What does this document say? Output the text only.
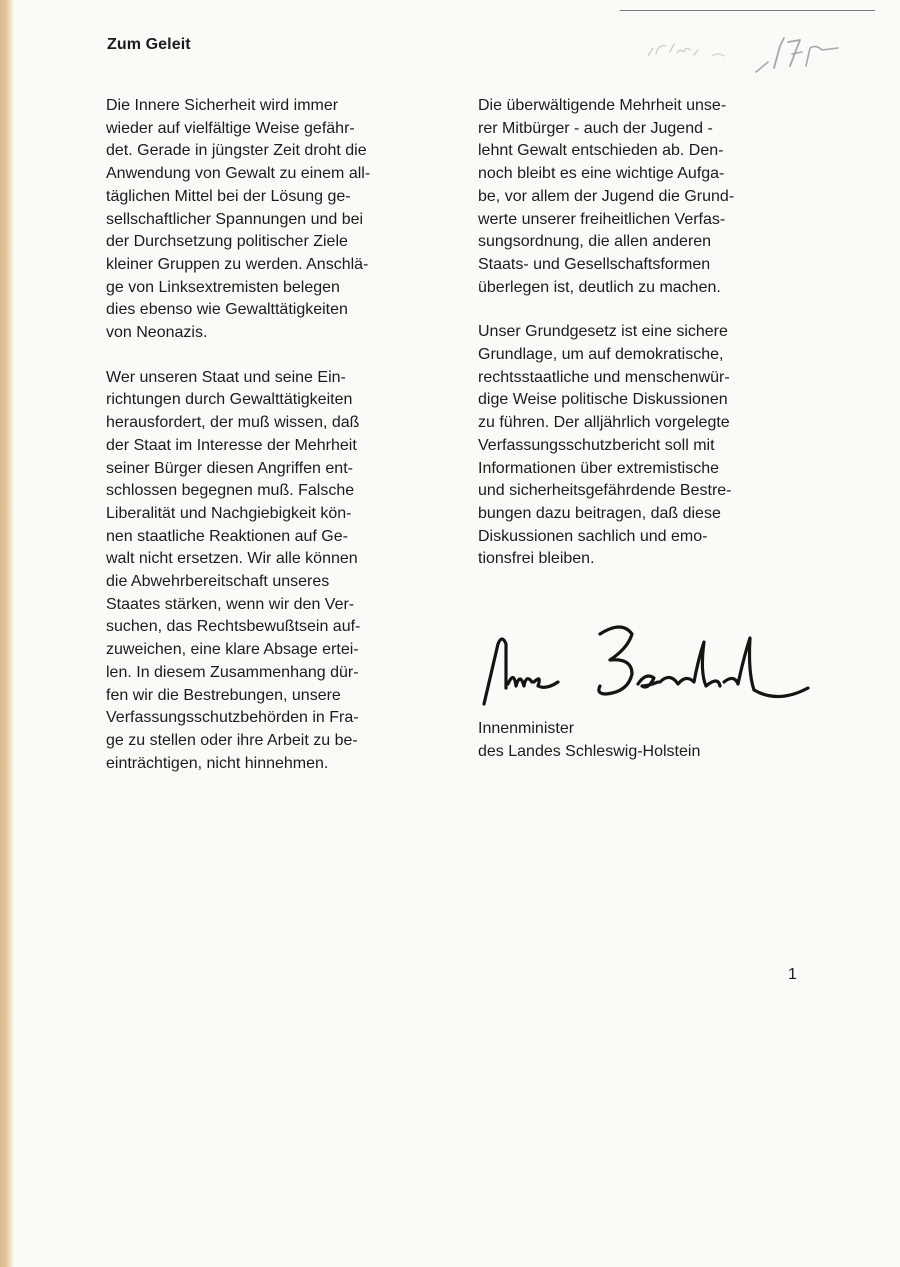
Zum Geleit

Die Innere Sicherheit wird immer
wieder auf vielfältige Weise gefähr-
det. Gerade in jüngster Zeit droht die
Anwendung von Gewalt zu einem all-
täglichen Mittel bei der Lösung ge-
sellschaftlicher Spannungen und bei
der Durchsetzung politischer Ziele
kleiner Gruppen zu werden. Anschlä-
ge von Linksextremisten belegen
dies ebenso wie Gewalttätigkeiten
von Neonazis.

Wer unseren Staat und seine Ein-
richtungen durch Gewalttätigkeiten
herausfordert, der muß wissen, daß
der Staat im Interesse der Mehrheit
seiner Bürger diesen Angriffen ent-
schlossen begegnen muß. Falsche
Liberalität und Nachgiebigkeit kön-
nen staatliche Reaktionen auf Ge-
walt nicht ersetzen. Wir alle können
die Abwehrbereitschaft unseres
Staates stärken, wenn wir den Ver-
suchen, das Rechtsbewußtsein auf-
zuweichen, eine klare Absage ertei-
len. In diesem Zusammenhang dür-
fen wir die Bestrebungen, unsere
Verfassungsschutzbehörden in Fra-
ge zu stellen oder ihre Arbeit zu be-
einträchtigen, nicht hinnehmen.

Die überwältigende Mehrheit unse-
rer Mitbürger - auch der Jugend -
lehnt Gewalt entschieden ab. Den-
noch bleibt es eine wichtige Aufga-
be, vor allem der Jugend die Grund-
werte unserer freiheitlichen Verfas-
sungsordnung, die allen anderen
Staats- und Gesellschaftsformen
überlegen ist, deutlich zu machen.

Unser Grundgesetz ist eine sichere
Grundlage, um auf demokratische,
rechtsstaatliche und menschenwür-
dige Weise politische Diskussionen
zu führen. Der alljährlich vorgelegte
Verfassungsschutzbericht soll mit
Informationen über extremistische
und sicherheitsgefährdende Bestre-
bungen dazu beitragen, daß diese
Diskussionen sachlich und emo-
tionsfrei bleiben.

Innenminister
des Landes Schleswig-Holstein
1
